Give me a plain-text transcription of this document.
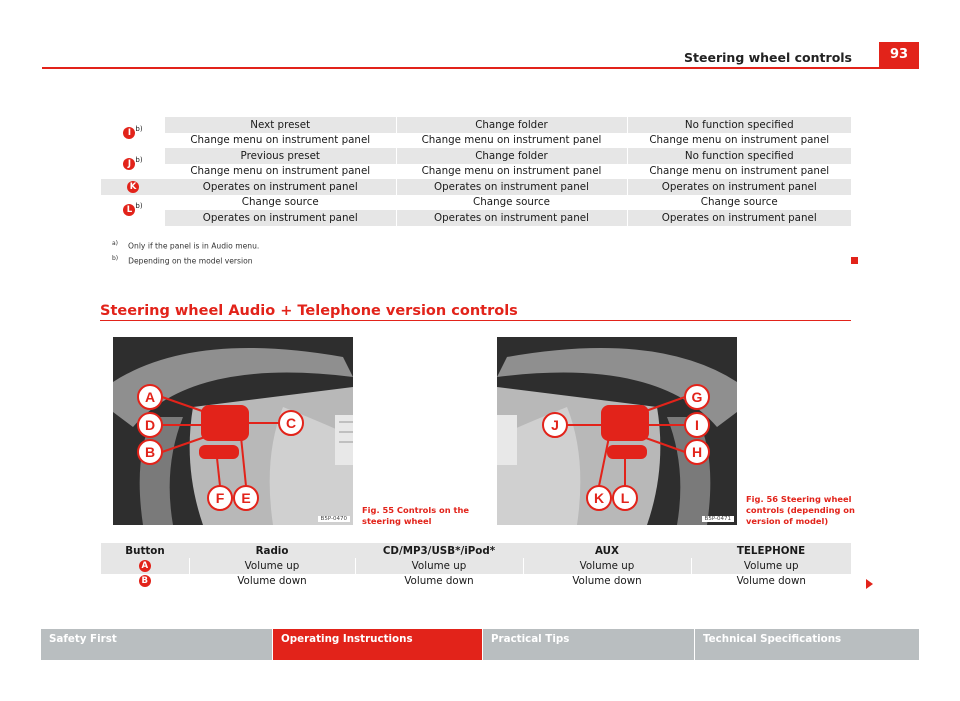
Steering wheel controls	93
I $^{b)}$	Next preset	Change folder	No function specified
	Change menu on instrument panel	Change menu on instrument panel	Change menu on instrument panel
J $^{b)}$	Previous preset	Change folder	No function specified
	Change menu on instrument panel	Change menu on instrument panel	Change menu on instrument panel
K	Operates on instrument panel	Operates on instrument panel	Operates on instrument panel
L $^{b)}$	Change source	Change source	Change source
	Operates on instrument panel	Operates on instrument panel	Operates on instrument panel
$^{a)}$ Only if the panel is in Audio menu.
$^{b)}$ Depending on the model version
Steering wheel Audio + Telephone version controls
A
D
B
C
F E
B5P-0470
Fig. 55 Controls on the
steering wheel
J
G
I
H
K L
B5P-0471
Fig. 56 Steering wheel
controls (depending on
version of model)
Button	Radio	CD/MP3/USB*/iPod*	AUX	TELEPHONE
A	Volume up	Volume up	Volume up	Volume up
B	Volume down	Volume down	Volume down	Volume down
Safety First	Operating Instructions	Practical Tips	Technical Specifications
